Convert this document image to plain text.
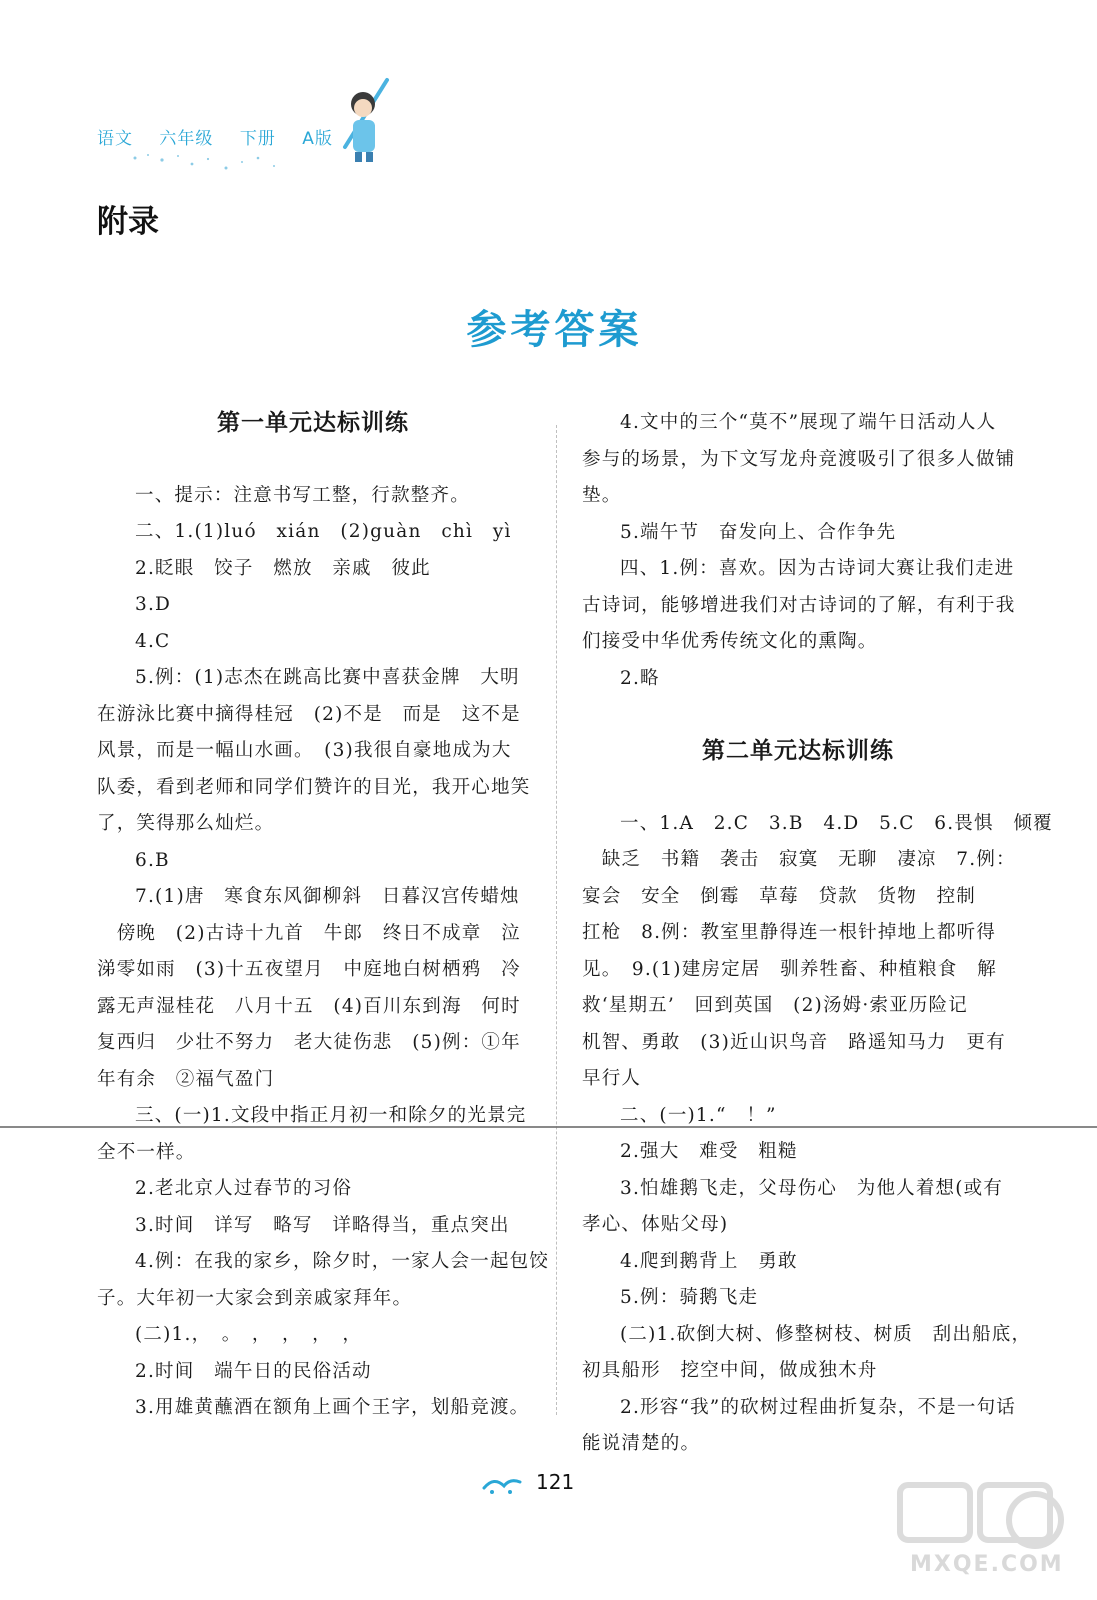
语文 六年级 下册 A版
附录
参考答案
第一单元达标训练
一、提示：注意书写工整，行款整齐。
二、1.(1)luó　xián　(2)guàn　chì　yì
2.眨眼　饺子　燃放　亲戚　彼此
3.D
4.C
5.例：(1)志杰在跳高比赛中喜获金牌　大明
在游泳比赛中摘得桂冠　(2)不是　而是　这不是
风景，而是一幅山水画。　(3)我很自豪地成为大
队委，看到老师和同学们赞许的目光，我开心地笑
了，笑得那么灿烂。
6.B
7.(1)唐　寒食东风御柳斜　日暮汉宫传蜡烛
　傍晚　(2)古诗十九首　牛郎　终日不成章　泣
涕零如雨　(3)十五夜望月　中庭地白树栖鸦　冷
露无声湿桂花　八月十五　(4)百川东到海　何时
复西归　少壮不努力　老大徒伤悲　(5)例：①年
年有余　②福气盈门
三、(一)1.文段中指正月初一和除夕的光景完
全不一样。
2.老北京人过春节的习俗
3.时间　详写　略写　详略得当，重点突出
4.例：在我的家乡，除夕时，一家人会一起包饺
子。大年初一大家会到亲戚家拜年。
(二)1.，　。　，　，　，　，
2.时间　端午日的民俗活动
3.用雄黄蘸酒在额角上画个王字，划船竞渡。
4.文中的三个“莫不”展现了端午日活动人人
参与的场景，为下文写龙舟竞渡吸引了很多人做铺
垫。
5.端午节　奋发向上、合作争先
四、1.例：喜欢。因为古诗词大赛让我们走进
古诗词，能够增进我们对古诗词的了解，有利于我
们接受中华优秀传统文化的熏陶。
2.略
第二单元达标训练
一、1.A　2.C　3.B　4.D　5.C　6.畏惧　倾覆
　缺乏　书籍　袭击　寂寞　无聊　凄凉　7.例：
宴会　安全　倒霉　草莓　贷款　货物　控制
扛枪　8.例：教室里静得连一根针掉地上都听得
见。　9.(1)建房定居　驯养牲畜、种植粮食　解
救‘星期五’　回到英国　(2)汤姆·索亚历险记
机智、勇敢　(3)近山识鸟音　路遥知马力　更有
早行人
二、(一)1.“　！”
2.强大　难受　粗糙
3.怕雄鹅飞走，父母伤心　为他人着想(或有
孝心、体贴父母)
4.爬到鹅背上　勇敢
5.例：骑鹅飞走
(二)1.砍倒大树、修整树枝、树质　刮出船底，
初具船形　挖空中间，做成独木舟
2.形容“我”的砍树过程曲折复杂，不是一句话
能说清楚的。
121
MXQE.COM
